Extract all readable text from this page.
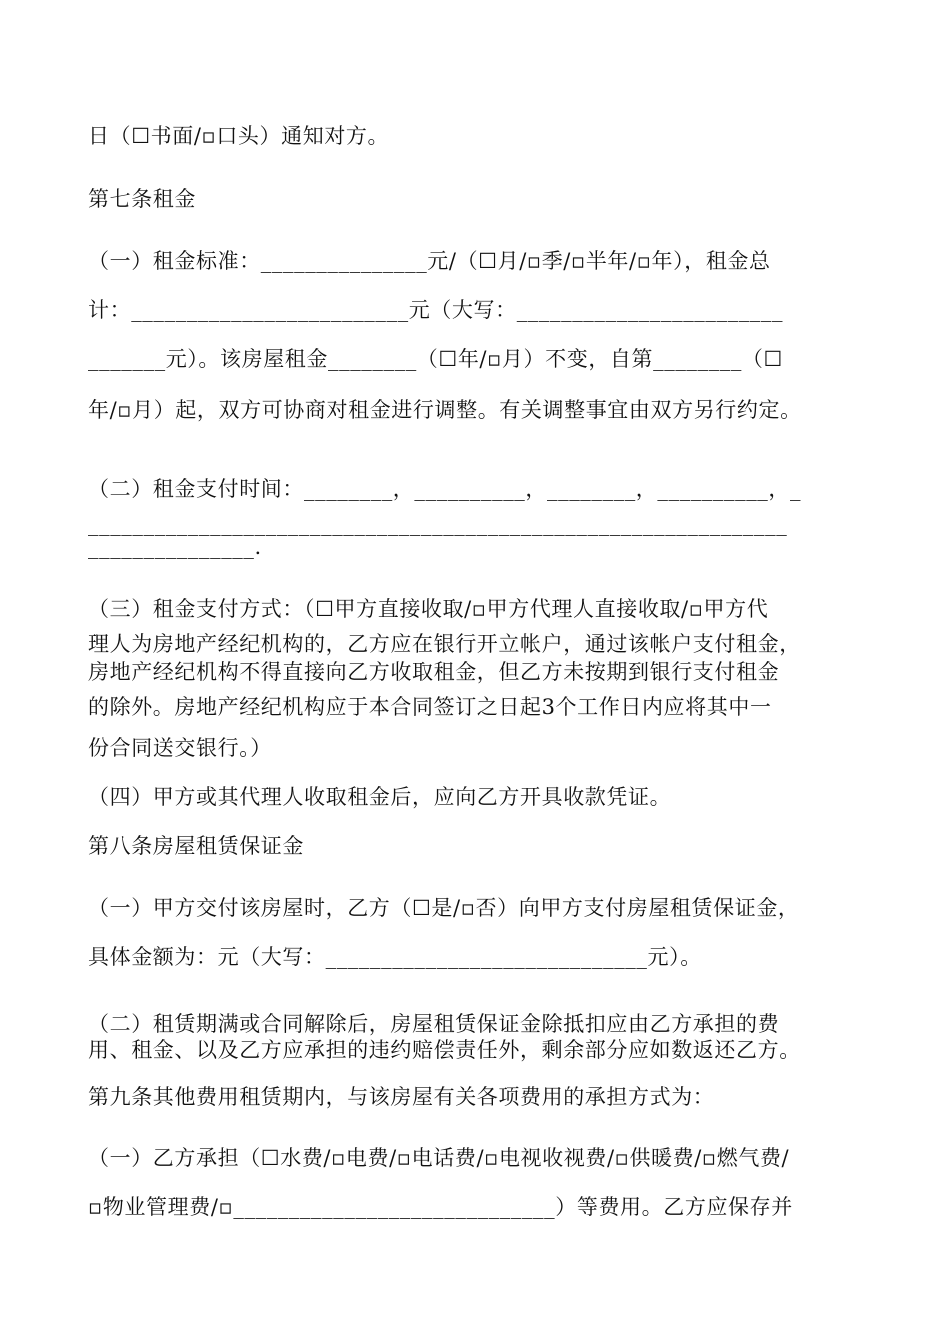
日（☐书面/▫口头）通知对方。
第七条租金
（一）租金标准：_______________元/（☐月/▫季/▫半年/▫年），租金总
计：_________________________元（大写：________________________
_______元）。该房屋租金________（☐年/▫月）不变，自第________（☐
年/▫月）起，双方可协商对租金进行调整。有关调整事宜由双方另行约定。
（二）租金支付时间：________，__________，________，__________，_
_______________________________________________________________
_______________.
（三）租金支付方式：（☐甲方直接收取/▫甲方代理人直接收取/▫甲方代
理人为房地产经纪机构的，乙方应在银行开立帐户，通过该帐户支付租金，
房地产经纪机构不得直接向乙方收取租金，但乙方未按期到银行支付租金
的除外。房地产经纪机构应于本合同签订之日起3个工作日内应将其中一
份合同送交银行。）
（四）甲方或其代理人收取租金后，应向乙方开具收款凭证。
第八条房屋租赁保证金
（一）甲方交付该房屋时，乙方（☐是/▫否）向甲方支付房屋租赁保证金，
具体金额为：元（大写：_____________________________元）。
（二）租赁期满或合同解除后，房屋租赁保证金除抵扣应由乙方承担的费
用、租金、以及乙方应承担的违约赔偿责任外，剩余部分应如数返还乙方。
第九条其他费用租赁期内，与该房屋有关各项费用的承担方式为：
（一）乙方承担（☐水费/▫电费/▫电话费/▫电视收视费/▫供暖费/▫燃气费/
▫物业管理费/▫_____________________________）等费用。乙方应保存并
